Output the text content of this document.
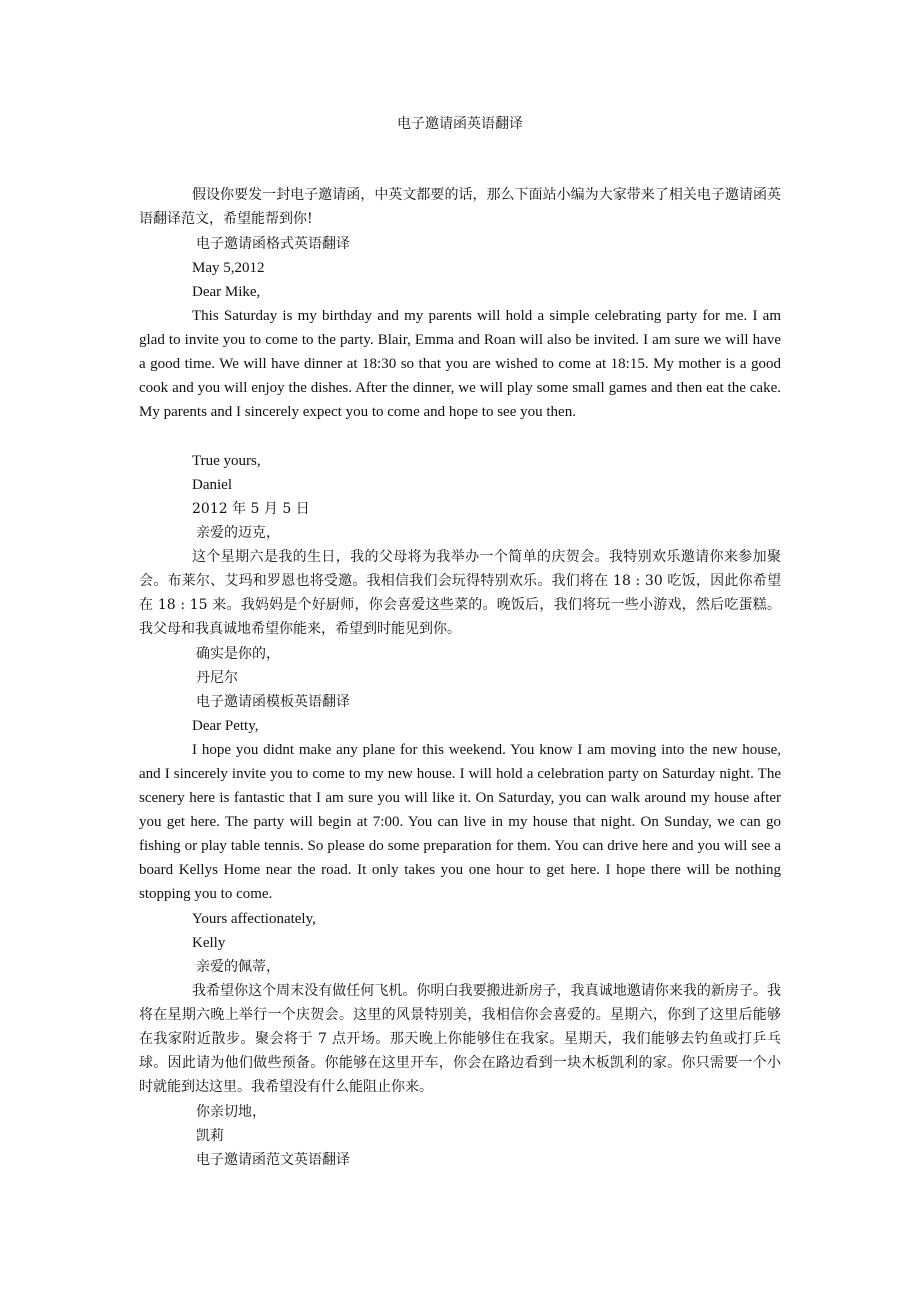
电子邀请函英语翻译

假设你要发一封电子邀请函，中英文都要的话，那么下面站小编为大家带来了相关电子邀请函英语翻译范文，希望能帮到你!

电子邀请函格式英语翻译
May 5,2012
Dear Mike,

This Saturday is my birthday and my parents will hold a simple celebrating party for me. I am glad to invite you to come to the party. Blair, Emma and Roan will also be invited. I am sure we will have a good time. We will have dinner at 18:30 so that you are wished to come at 18:15. My mother is a good cook and you will enjoy the dishes. After the dinner, we will play some small games and then eat the cake. My parents and I sincerely expect you to come and hope to see you then.

True yours,
Daniel
2012 年 5 月 5 日
亲爱的迈克，

这个星期六是我的生日，我的父母将为我举办一个简单的庆贺会。我特别欢乐邀请你来参加聚会。布莱尔、艾玛和罗恩也将受邀。我相信我们会玩得特别欢乐。我们将在 18 : 30 吃饭，因此你希望在 18 : 15 来。我妈妈是个好厨师，你会喜爱这些菜的。晚饭后，我们将玩一些小游戏，然后吃蛋糕。我父母和我真诚地希望你能来，希望到时能见到你。

确实是你的，
丹尼尔
电子邀请函模板英语翻译
Dear Petty,

I hope you didnt make any plane for this weekend. You know I am moving into the new house, and I sincerely invite you to come to my new house. I will hold a celebration party on Saturday night. The scenery here is fantastic that I am sure you will like it. On Saturday, you can walk around my house after you get here. The party will begin at 7:00. You can live in my house that night. On Sunday, we can go fishing or play table tennis. So please do some preparation for them. You can drive here and you will see a board Kellys Home near the road. It only takes you one hour to get here. I hope there will be nothing stopping you to come.

Yours affectionately,
Kelly
亲爱的佩蒂，

我希望你这个周末没有做任何飞机。你明白我要搬进新房子，我真诚地邀请你来我的新房子。我将在星期六晚上举行一个庆贺会。这里的风景特别美，我相信你会喜爱的。星期六，你到了这里后能够在我家附近散步。聚会将于 7 点开场。那天晚上你能够住在我家。星期天，我们能够去钓鱼或打乒乓球。因此请为他们做些预备。你能够在这里开车，你会在路边看到一块木板凯利的家。你只需要一个小时就能到达这里。我希望没有什么能阻止你来。

你亲切地，
凯莉
电子邀请函范文英语翻译
